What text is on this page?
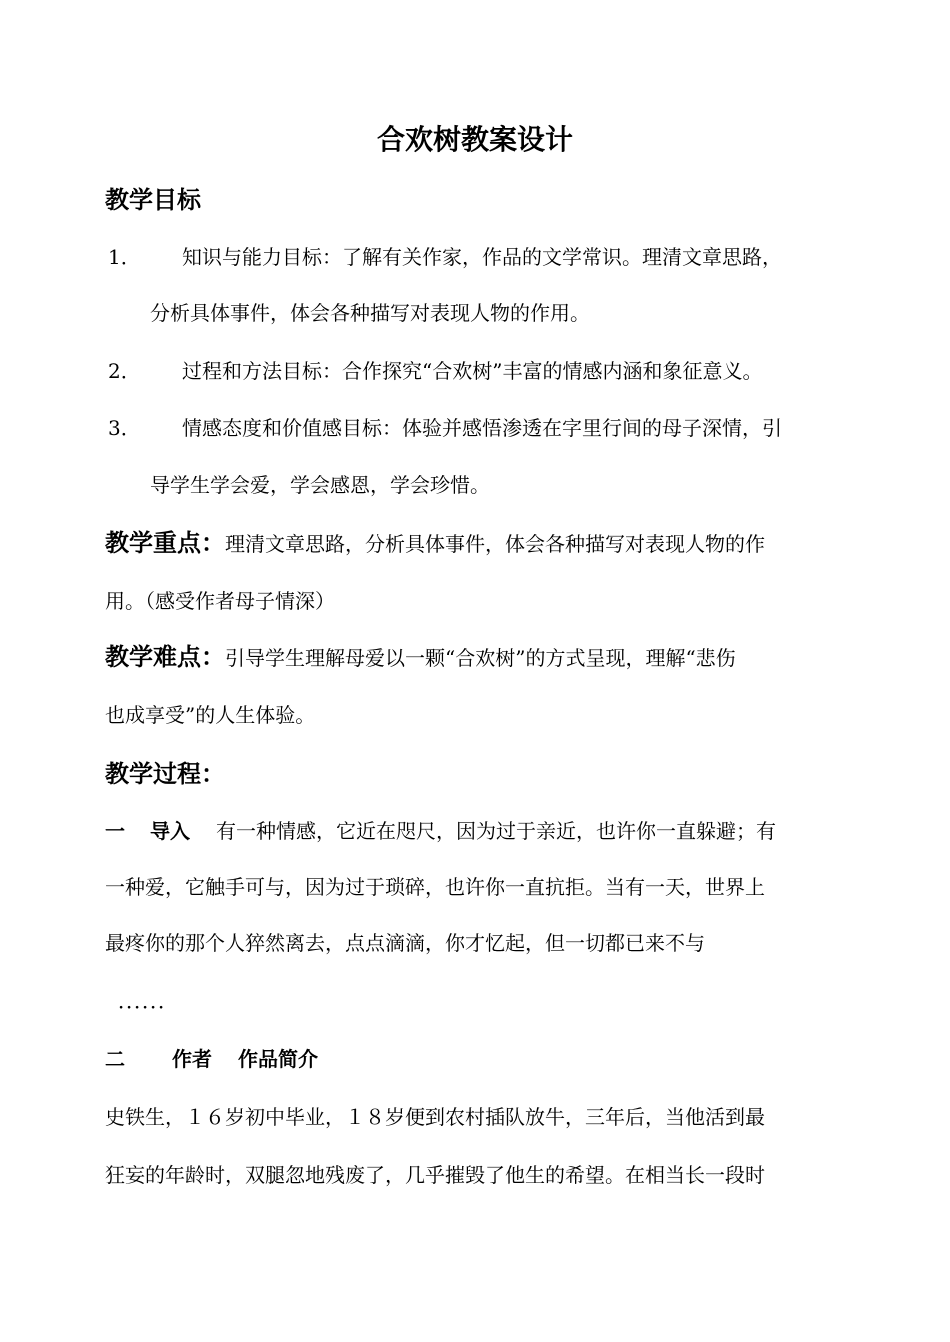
合欢树教案设计
教学目标

1． 知识与能力目标：了解有关作家，作品的文学常识。理清文章思路，

分析具体事件，体会各种描写对表现人物的作用。

2． 过程和方法目标：合作探究“合欢树”丰富的情感内涵和象征意义。

3． 情感态度和价值感目标：体验并感悟渗透在字里行间的母子深情，引

导学生学会爱，学会感恩，学会珍惜。

教学重点：理清文章思路，分析具体事件，体会各种描写对表现人物的作

用。（感受作者母子情深）

教学难点：引导学生理解母爱以一颗“合欢树”的方式呈现，理解“悲伤

也成享受”的人生体验。

教学过程：

一 导入 有一种情感，它近在咫尺，因为过于亲近，也许你一直躲避；有

一种爱，它触手可与，因为过于琐碎，也许你一直抗拒。当有一天，世界上

最疼你的那个人猝然离去，点点滴滴，你才忆起，但一切都已来不与

．．．．．．

二 作者 作品简介

史铁生，１６岁初中毕业，１８岁便到农村插队放牛，三年后，当他活到最

狂妄的年龄时，双腿忽地残废了，几乎摧毁了他生的希望。在相当长一段时
